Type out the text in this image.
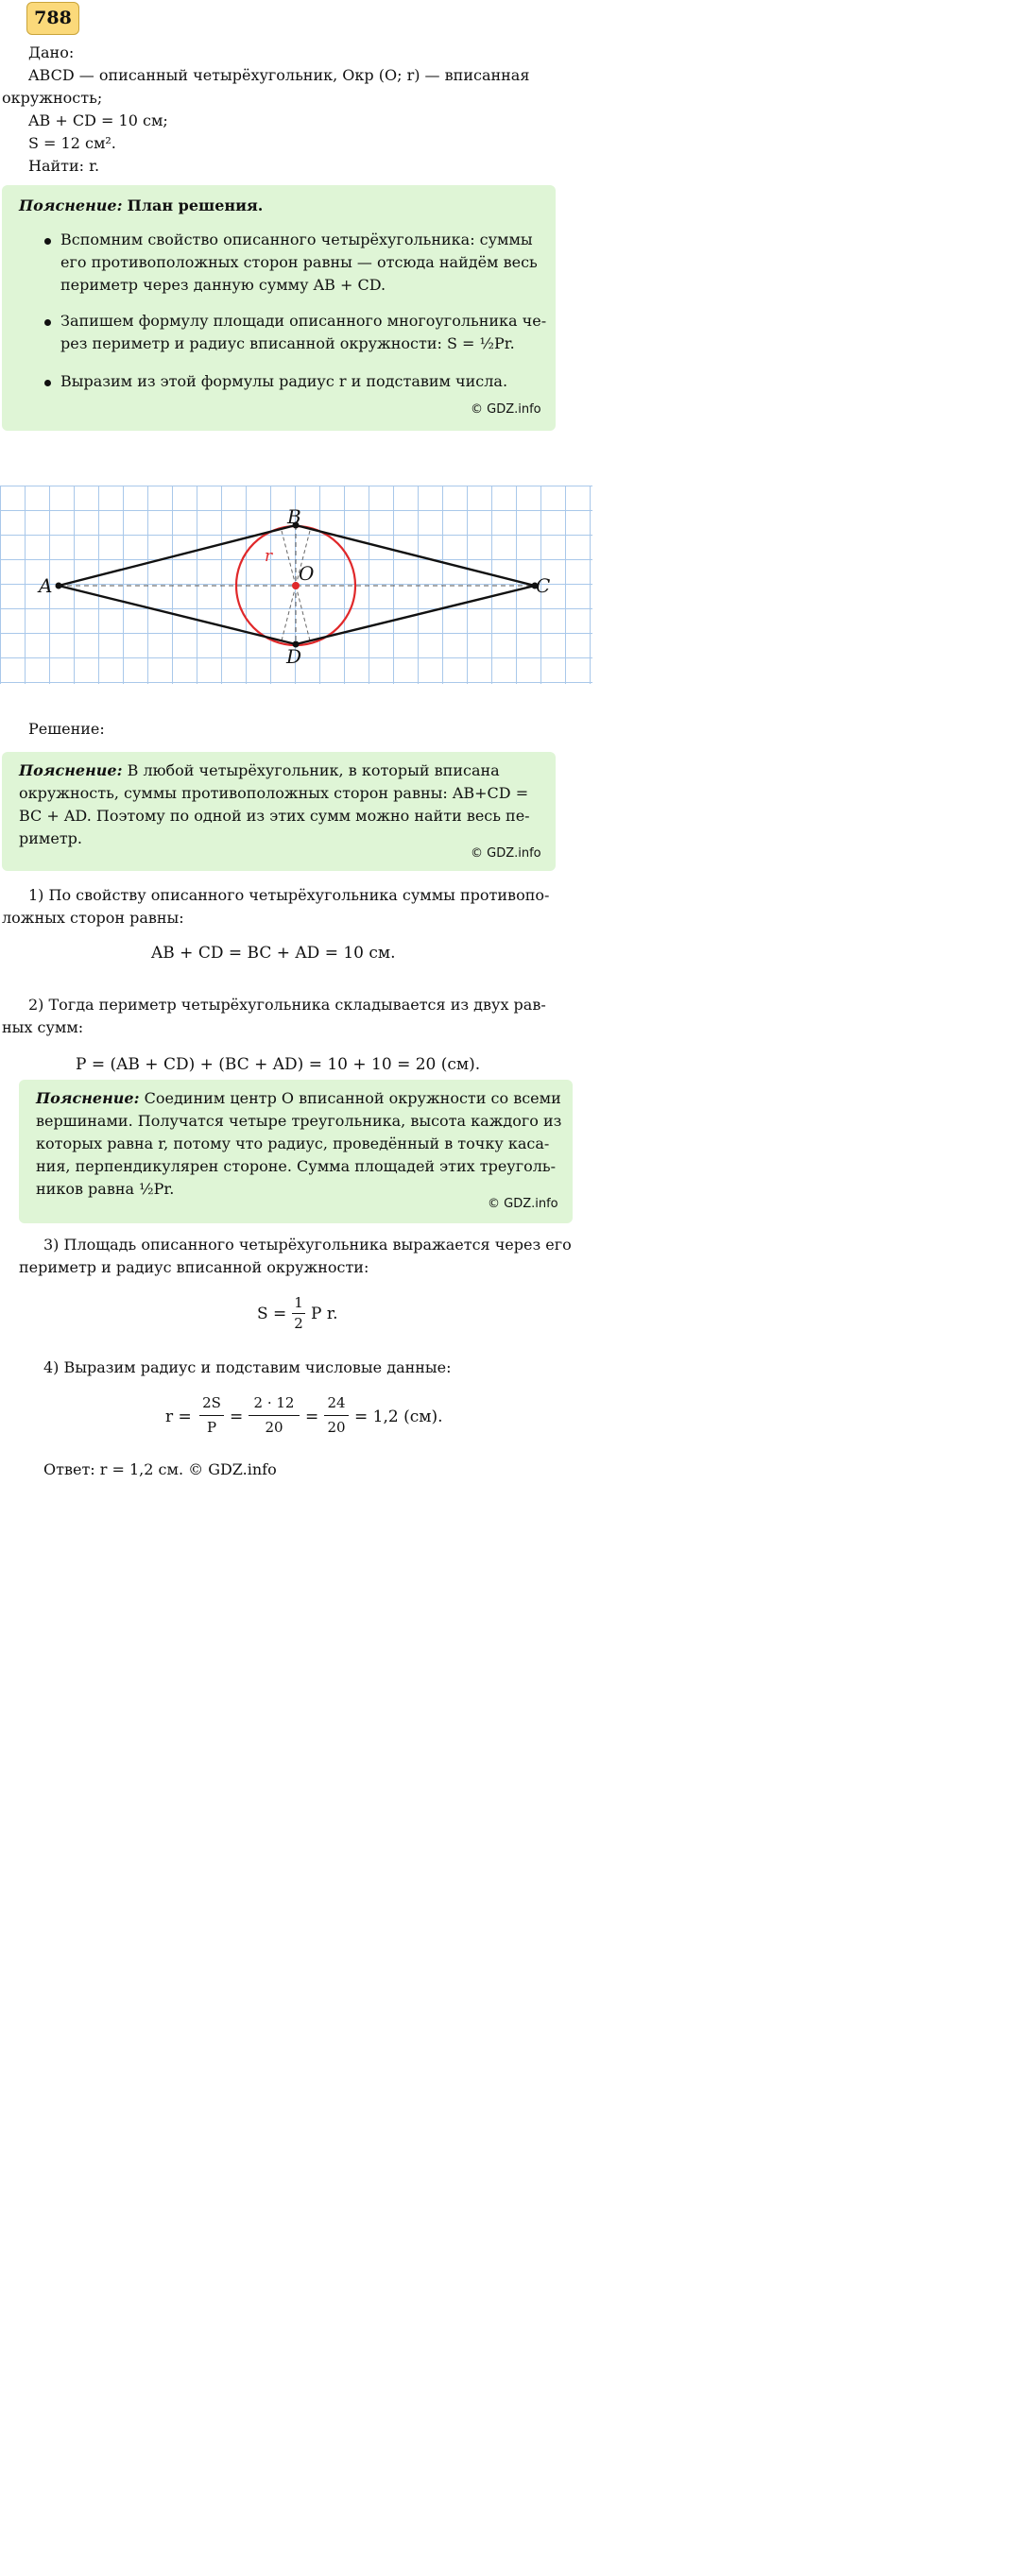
788
Дано:
ABCD — описанный четырёхугольник, Окр (O; r) — вписанная
окружность;
AB + CD = 10 см;
S = 12 см².
Найти: r.
Пояснение: План решения.
Вспомним свойство описанного четырёхугольника: суммы
его противоположных сторон равны — отсюда найдём весь
периметр через данную сумму AB + CD.
Запишем формулу площади описанного многоугольника че-
рез периметр и радиус вписанной окружности: S = ½Pr.
Выразим из этой формулы радиус r и подставим числа.
© GDZ.info
A
B
C
D
O
r
Решение:
Пояснение: В любой четырёхугольник, в который вписана
окружность, суммы противоположных сторон равны: AB+CD =
BC + AD. Поэтому по одной из этих сумм можно найти весь пе-
риметр.
© GDZ.info
1) По свойству описанного четырёхугольника суммы противопо-
ложных сторон равны:
AB + CD = BC + AD = 10 см.
2) Тогда периметр четырёхугольника складывается из двух рав-
ных сумм:
P = (AB + CD) + (BC + AD) = 10 + 10 = 20 (см).
Пояснение: Соединим центр O вписанной окружности со всеми
вершинами. Получатся четыре треугольника, высота каждого из
которых равна r, потому что радиус, проведённый в точку каса-
ния, перпендикулярен стороне. Сумма площадей этих треуголь-
ников равна ½Pr.
© GDZ.info
3) Площадь описанного четырёхугольника выражается через его
периметр и радиус вписанной окружности:
S =
1
2 P r.
4) Выразим радиус и подставим числовые данные:
r =
2S
P
=
2 · 12
20
=
24
20
= 1,2 (см).
Ответ: r = 1,2 см. © GDZ.info
